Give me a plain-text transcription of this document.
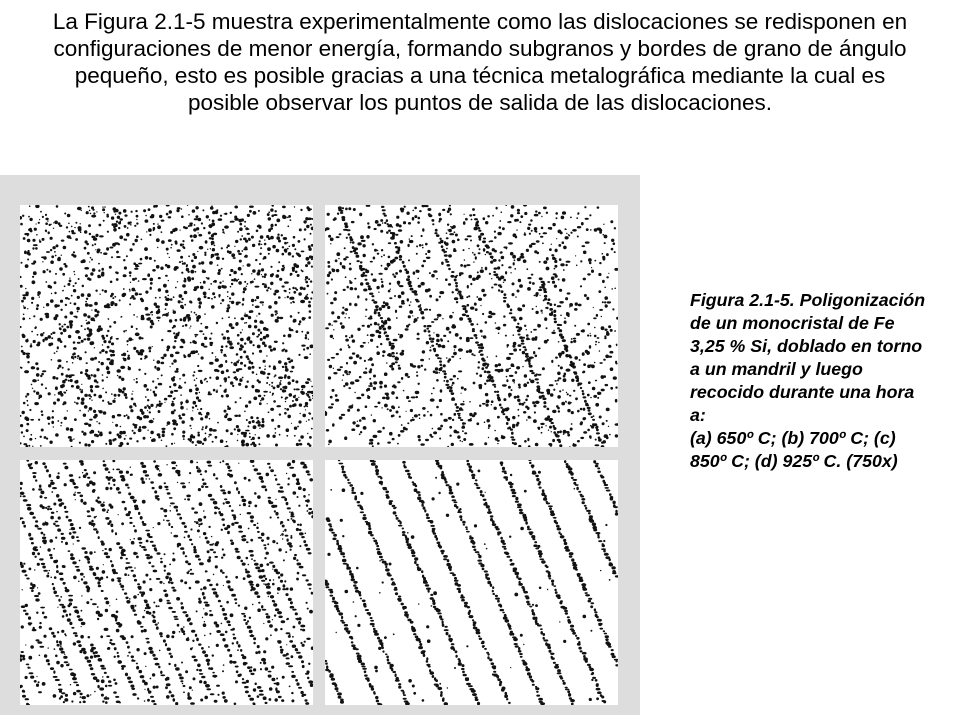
La Figura 2.1-5 muestra experimentalmente como las dislocaciones se redisponen en configuraciones de menor energía, formando subgranos y bordes de grano de ángulo pequeño, esto es posible gracias a una técnica metalográfica mediante la cual es posible observar los puntos de salida de las dislocaciones.

Figura 2.1-5. Poligonización de un monocristal de Fe 3,25 % Si, doblado en torno a un mandril y luego recocido durante una hora a:
(a) 650º C; (b) 700º C; (c) 850º C; (d) 925º C. (750x)
